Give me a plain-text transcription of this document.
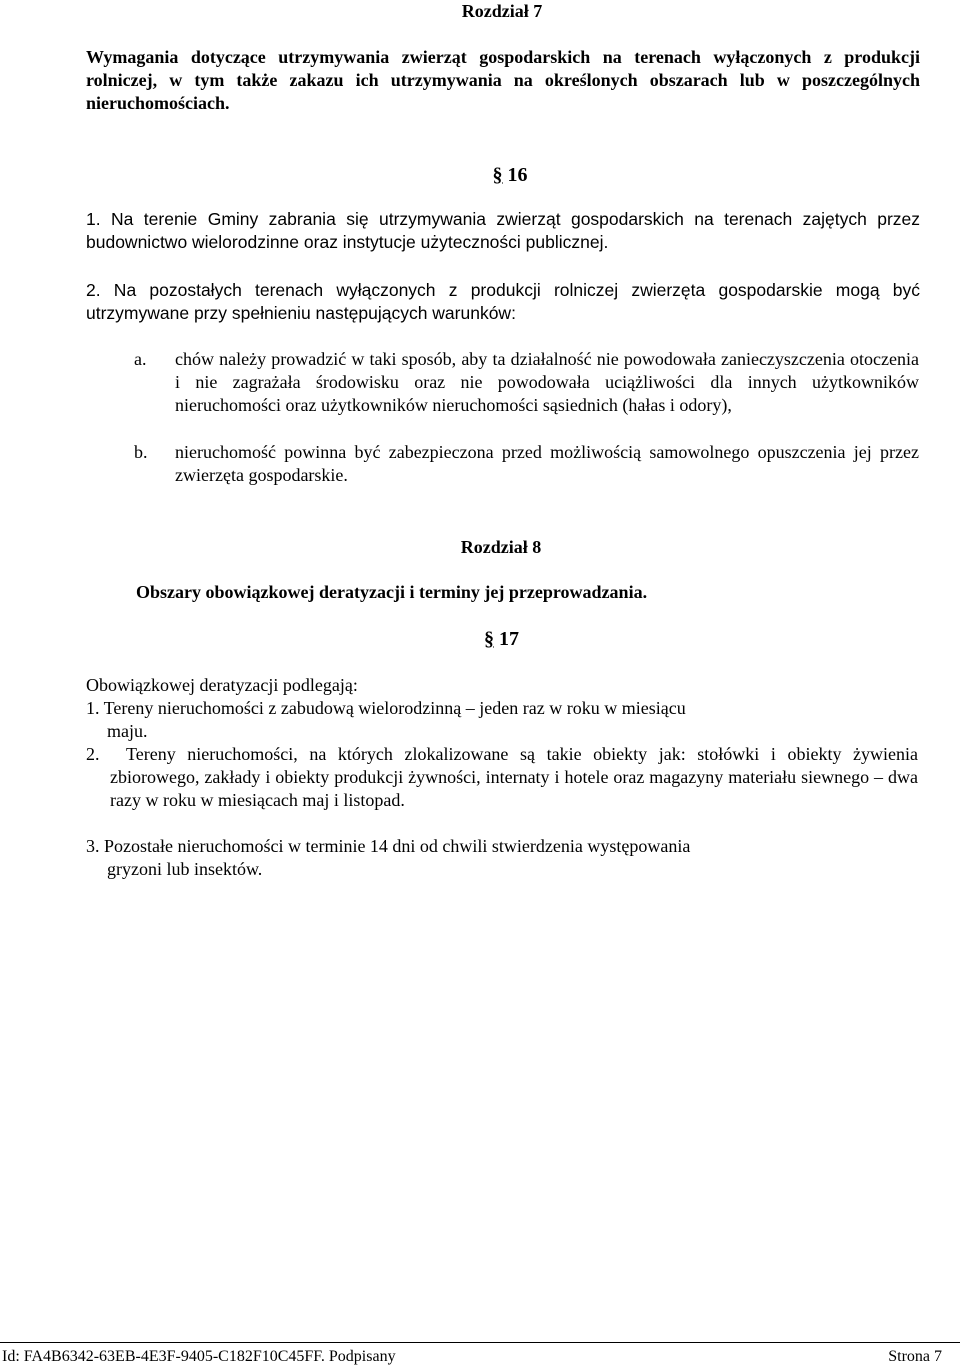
Rozdział 7
Wymagania dotyczące utrzymywania zwierząt gospodarskich na terenach wyłączonych z produkcji rolniczej, w tym także zakazu ich utrzymywania na określonych obszarach lub w poszczególnych nieruchomościach.
§ 16
1. Na terenie Gminy zabrania się utrzymywania zwierząt gospodarskich na terenach zajętych przez budownictwo wielorodzinne oraz instytucje użyteczności publicznej.
2. Na pozostałych terenach wyłączonych z produkcji rolniczej zwierzęta gospodarskie mogą być utrzymywane przy spełnieniu następujących warunków:
a. chów należy prowadzić w taki sposób, aby ta działalność nie powodowała zanieczyszczenia otoczenia i nie zagrażała środowisku oraz nie powodowała uciążliwości dla innych użytkowników nieruchomości oraz użytkowników nieruchomości sąsiednich (hałas i odory),
b. nieruchomość powinna być zabezpieczona przed możliwością samowolnego opuszczenia jej przez zwierzęta gospodarskie.
Rozdział 8
Obszary obowiązkowej deratyzacji i terminy jej przeprowadzania.
§ 17
Obowiązkowej deratyzacji podlegają:
1. Tereny nieruchomości z zabudową wielorodzinną – jeden raz w roku w miesiącu
maju.
2.	Tereny nieruchomości, na których zlokalizowane są takie obiekty jak: stołówki i obiekty żywienia zbiorowego, zakłady i obiekty produkcji żywności, internaty i hotele oraz magazyny materiału siewnego – dwa razy w roku w miesiącach maj i listopad.
3. Pozostałe nieruchomości w terminie 14 dni od chwili stwierdzenia występowania
gryzoni lub insektów.
Id: FA4B6342-63EB-4E3F-9405-C182F10C45FF. Podpisany	Strona 7
